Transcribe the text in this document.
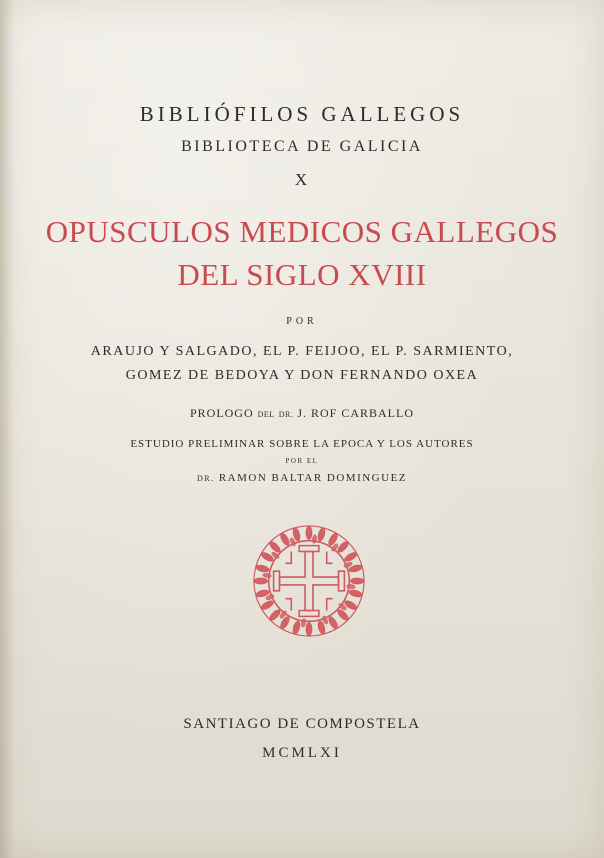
BIBLIÓFILOS GALLEGOS
BIBLIOTECA DE GALICIA
X
OPUSCULOS MEDICOS GALLEGOS
DEL SIGLO XVIII
POR
ARAUJO Y SALGADO, EL P. FEIJOO, EL P. SARMIENTO,
GOMEZ DE BEDOYA Y DON FERNANDO OXEA
PROLOGO DEL DR. J. ROF CARBALLO
ESTUDIO PRELIMINAR SOBRE LA EPOCA Y LOS AUTORES
POR EL
DR. RAMON BALTAR DOMINGUEZ
SANTIAGO DE COMPOSTELA
MCMLXI
